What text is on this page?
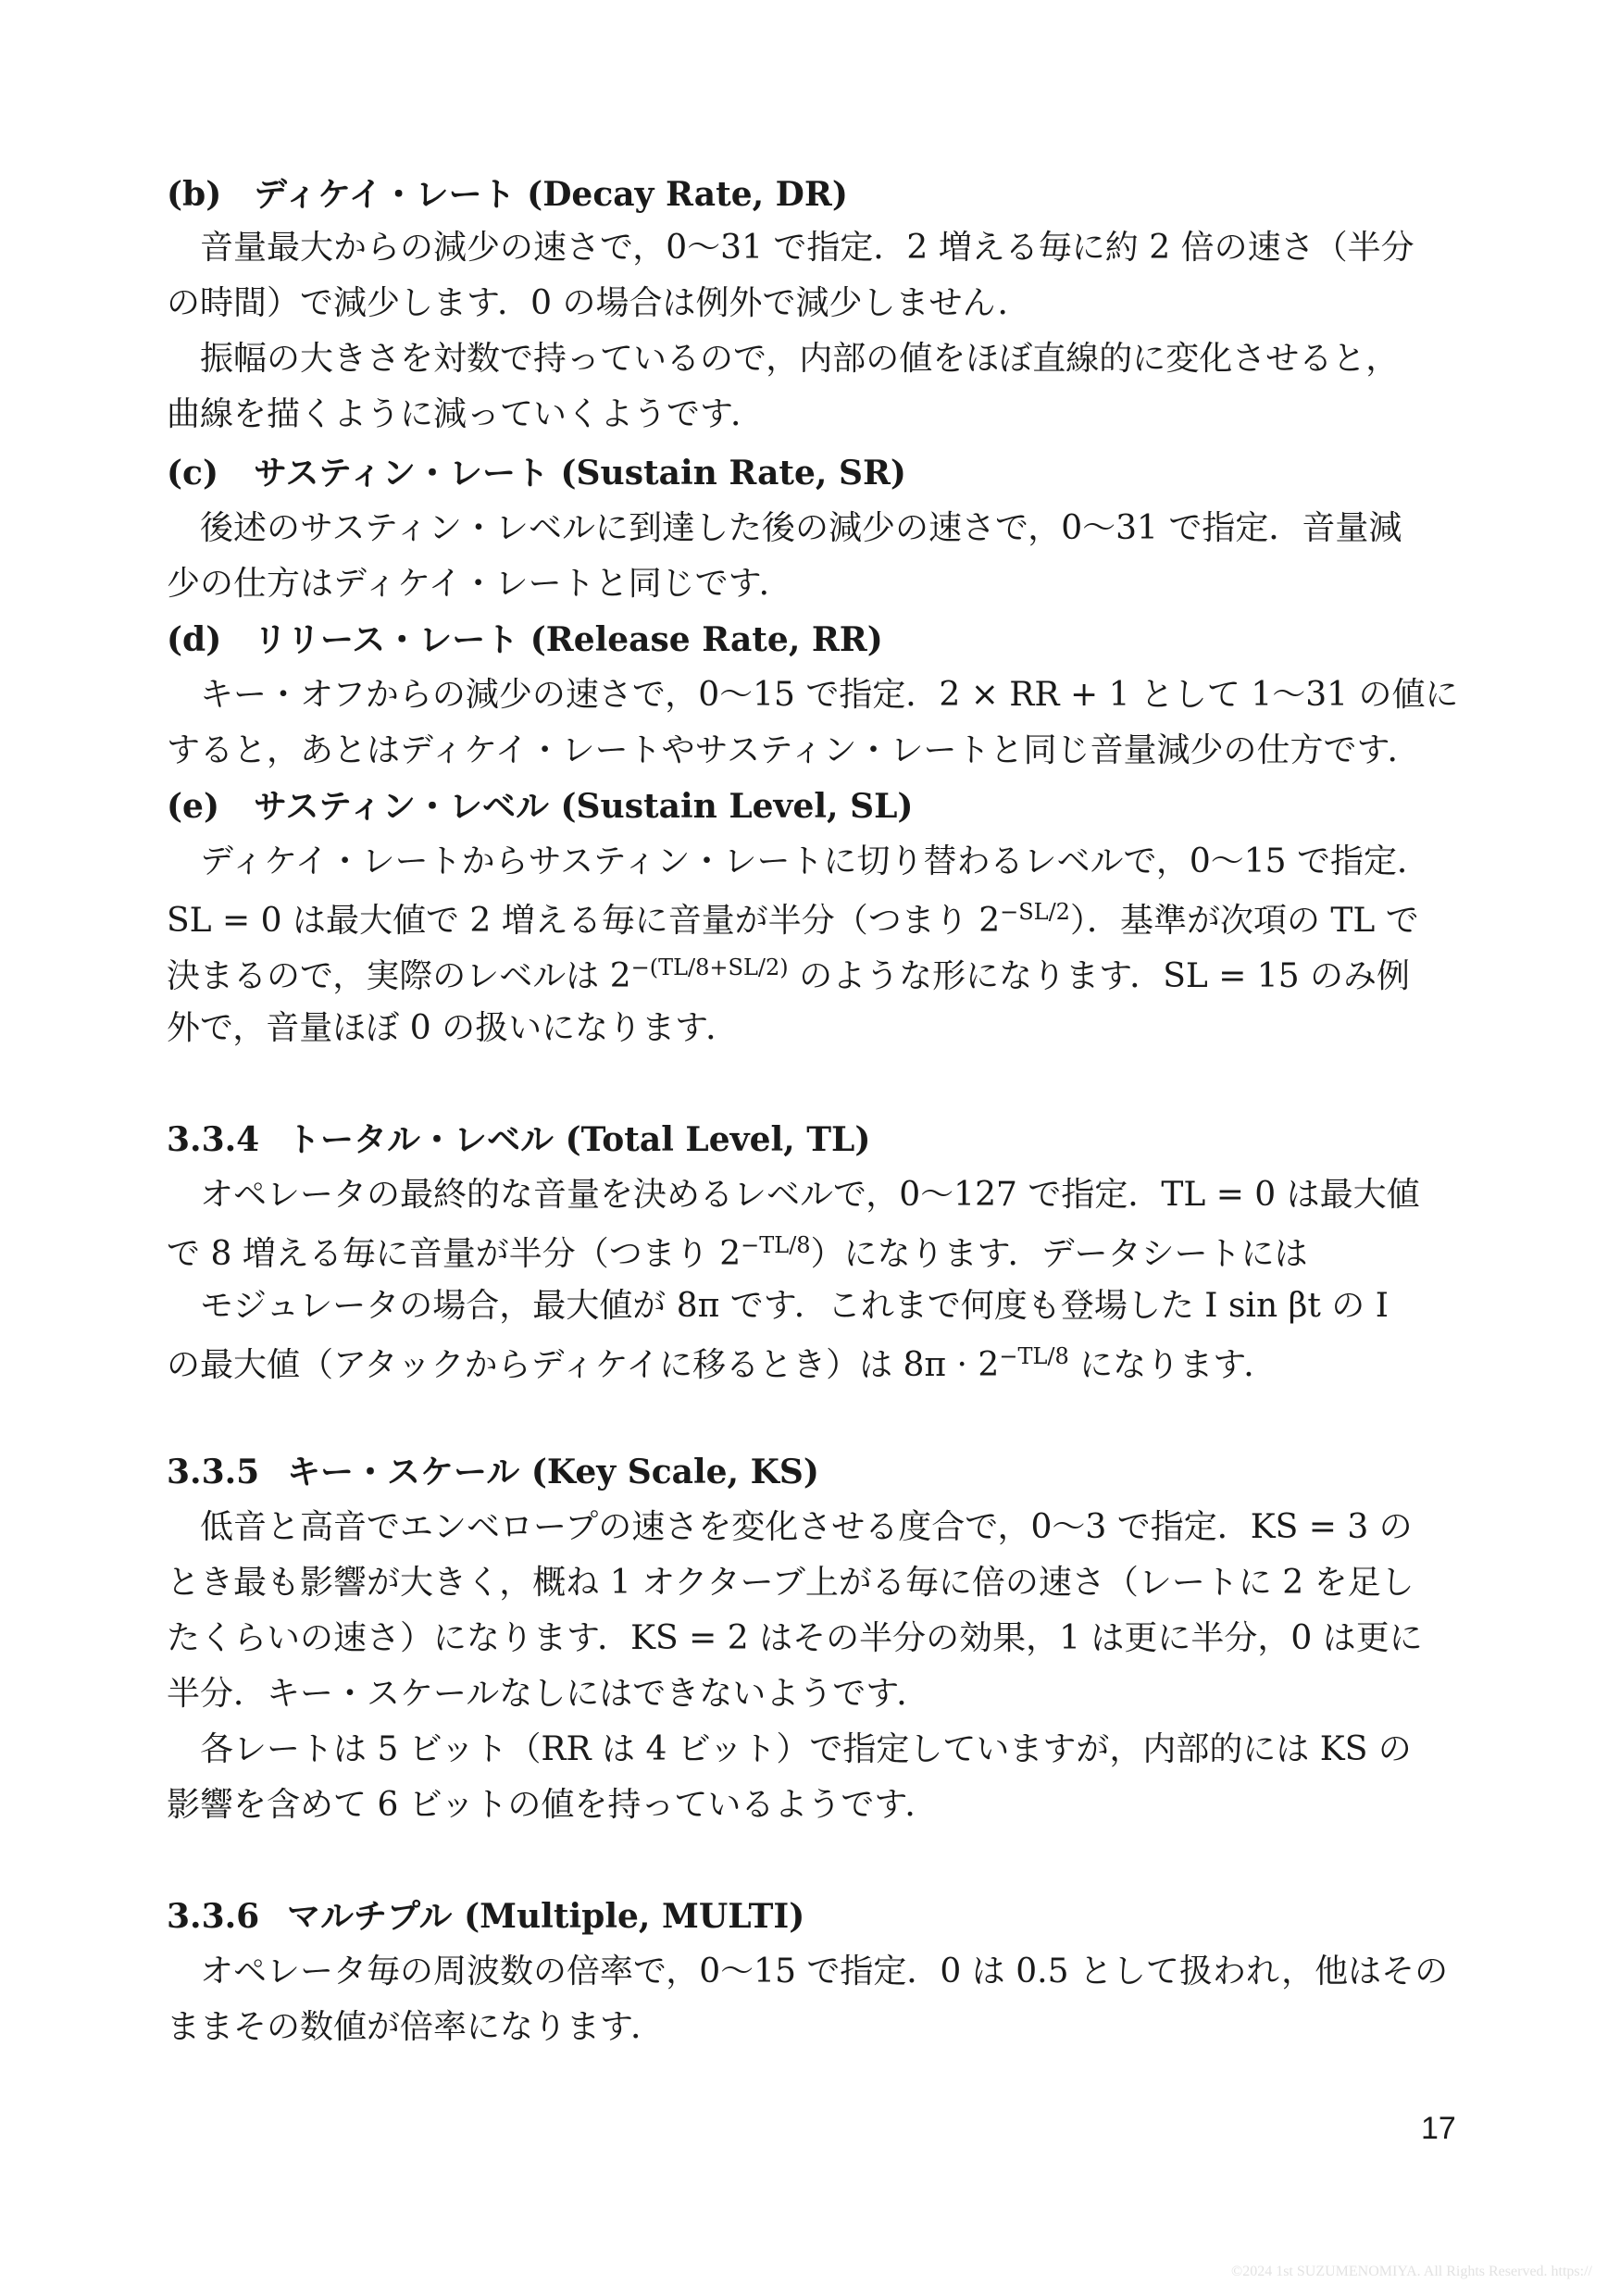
(b) ディケイ・レート (Decay Rate, DR)
音量最大からの減少の速さで，0〜31 で指定．2 増える毎に約 2 倍の速さ（半分
の時間）で減少します．0 の場合は例外で減少しません．
振幅の大きさを対数で持っているので，内部の値をほぼ直線的に変化させると，
曲線を描くように減っていくようです．
(c) サスティン・レート (Sustain Rate, SR)
後述のサスティン・レベルに到達した後の減少の速さで，0〜31 で指定．音量減
少の仕方はディケイ・レートと同じです．
(d) リリース・レート (Release Rate, RR)
キー・オフからの減少の速さで，0〜15 で指定．2 × RR + 1 として 1〜31 の値に
すると，あとはディケイ・レートやサスティン・レートと同じ音量減少の仕方です．
(e) サスティン・レベル (Sustain Level, SL)
ディケイ・レートからサスティン・レートに切り替わるレベルで，0〜15 で指定．
SL = 0 は最大値で 2 増える毎に音量が半分（つまり $2^{-SL/2}$）．基準が次項の TL で
決まるので，実際のレベルは $2^{-(TL/8+SL/2)}$ のような形になります．SL = 15 のみ例
外で，音量ほぼ 0 の扱いになります．
3.3.4 トータル・レベル (Total Level, TL)
オペレータの最終的な音量を決めるレベルで，0〜127 で指定．TL = 0 は最大値
で 8 増える毎に音量が半分（つまり $2^{-TL/8}$）になります．データシートには
モジュレータの場合，最大値が 8π です．これまで何度も登場した I sin βt の I
の最大値（アタックからディケイに移るとき）は $8\pi \cdot 2^{-TL/8}$ になります．
3.3.5 キー・スケール (Key Scale, KS)
低音と高音でエンベロープの速さを変化させる度合で，0〜3 で指定．KS = 3 の
とき最も影響が大きく，概ね 1 オクターブ上がる毎に倍の速さ（レートに 2 を足し
たくらいの速さ）になります．KS = 2 はその半分の効果，1 は更に半分，0 は更に
半分．キー・スケールなしにはできないようです．
各レートは 5 ビット（RR は 4 ビット）で指定していますが，内部的には KS の
影響を含めて 6 ビットの値を持っているようです．
3.3.6 マルチプル (Multiple, MULTI)
オペレータ毎の周波数の倍率で，0〜15 で指定．0 は 0.5 として扱われ，他はその
ままその数値が倍率になります．
17
©2024 1st SUZUMENOMIYA. All Rights Reserved. https://
